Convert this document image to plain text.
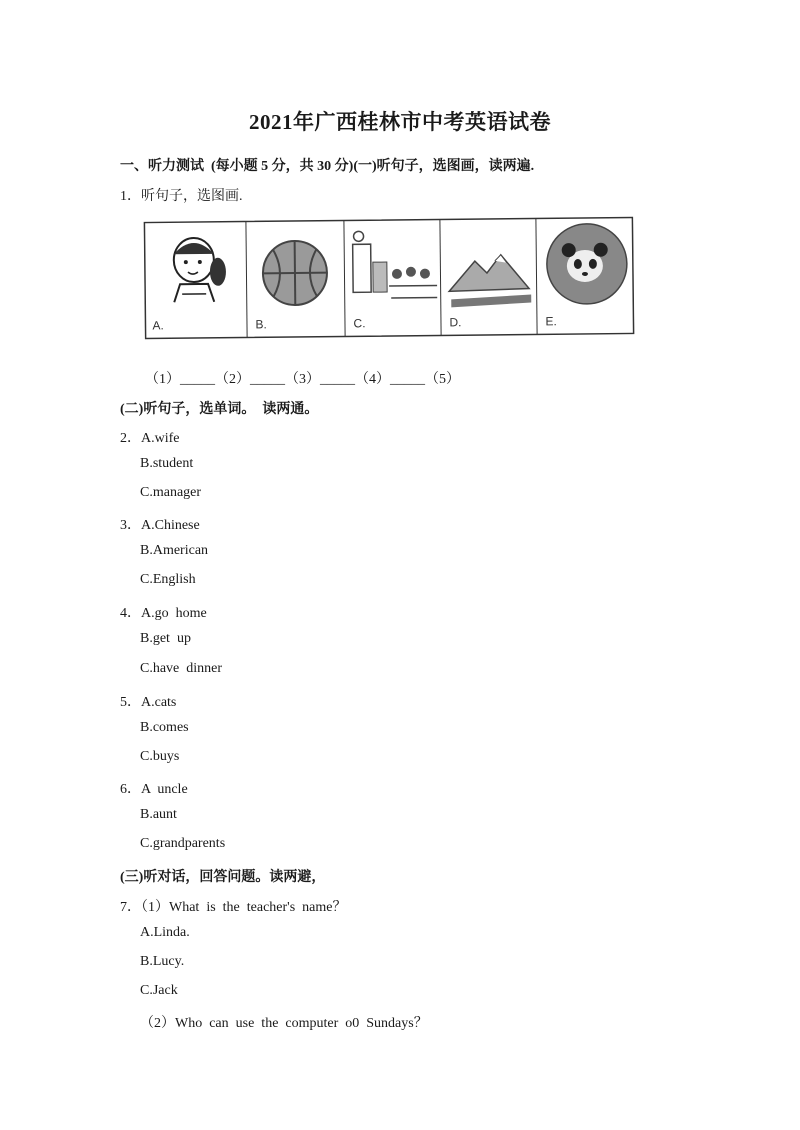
2021年广西桂林市中考英语试卷
一、听力测试  (每小题 5 分，共 30 分)(一)听句子，选图画，读两遍.
1．听句子，选图画.
A.	B.	C.	D.	E.
（1）_____（2）_____（3）_____（4）_____（5）
(二)听句子，选单词。  读两通。
2．A.wife
B.student
C.manager
3．A.Chinese
B.American
C.English
4．A.go  home
B.get  up
C.have  dinner
5．A.cats
B.comes
C.buys
6．A  uncle
B.aunt
C.grandparents
(三)听对话，回答问题。读两避，
7．（1）What  is  the  teacher's  name？
A.Linda.
B.Lucy.
C.Jack
（2）Who  can  use  the  computer  o0  Sundays？
